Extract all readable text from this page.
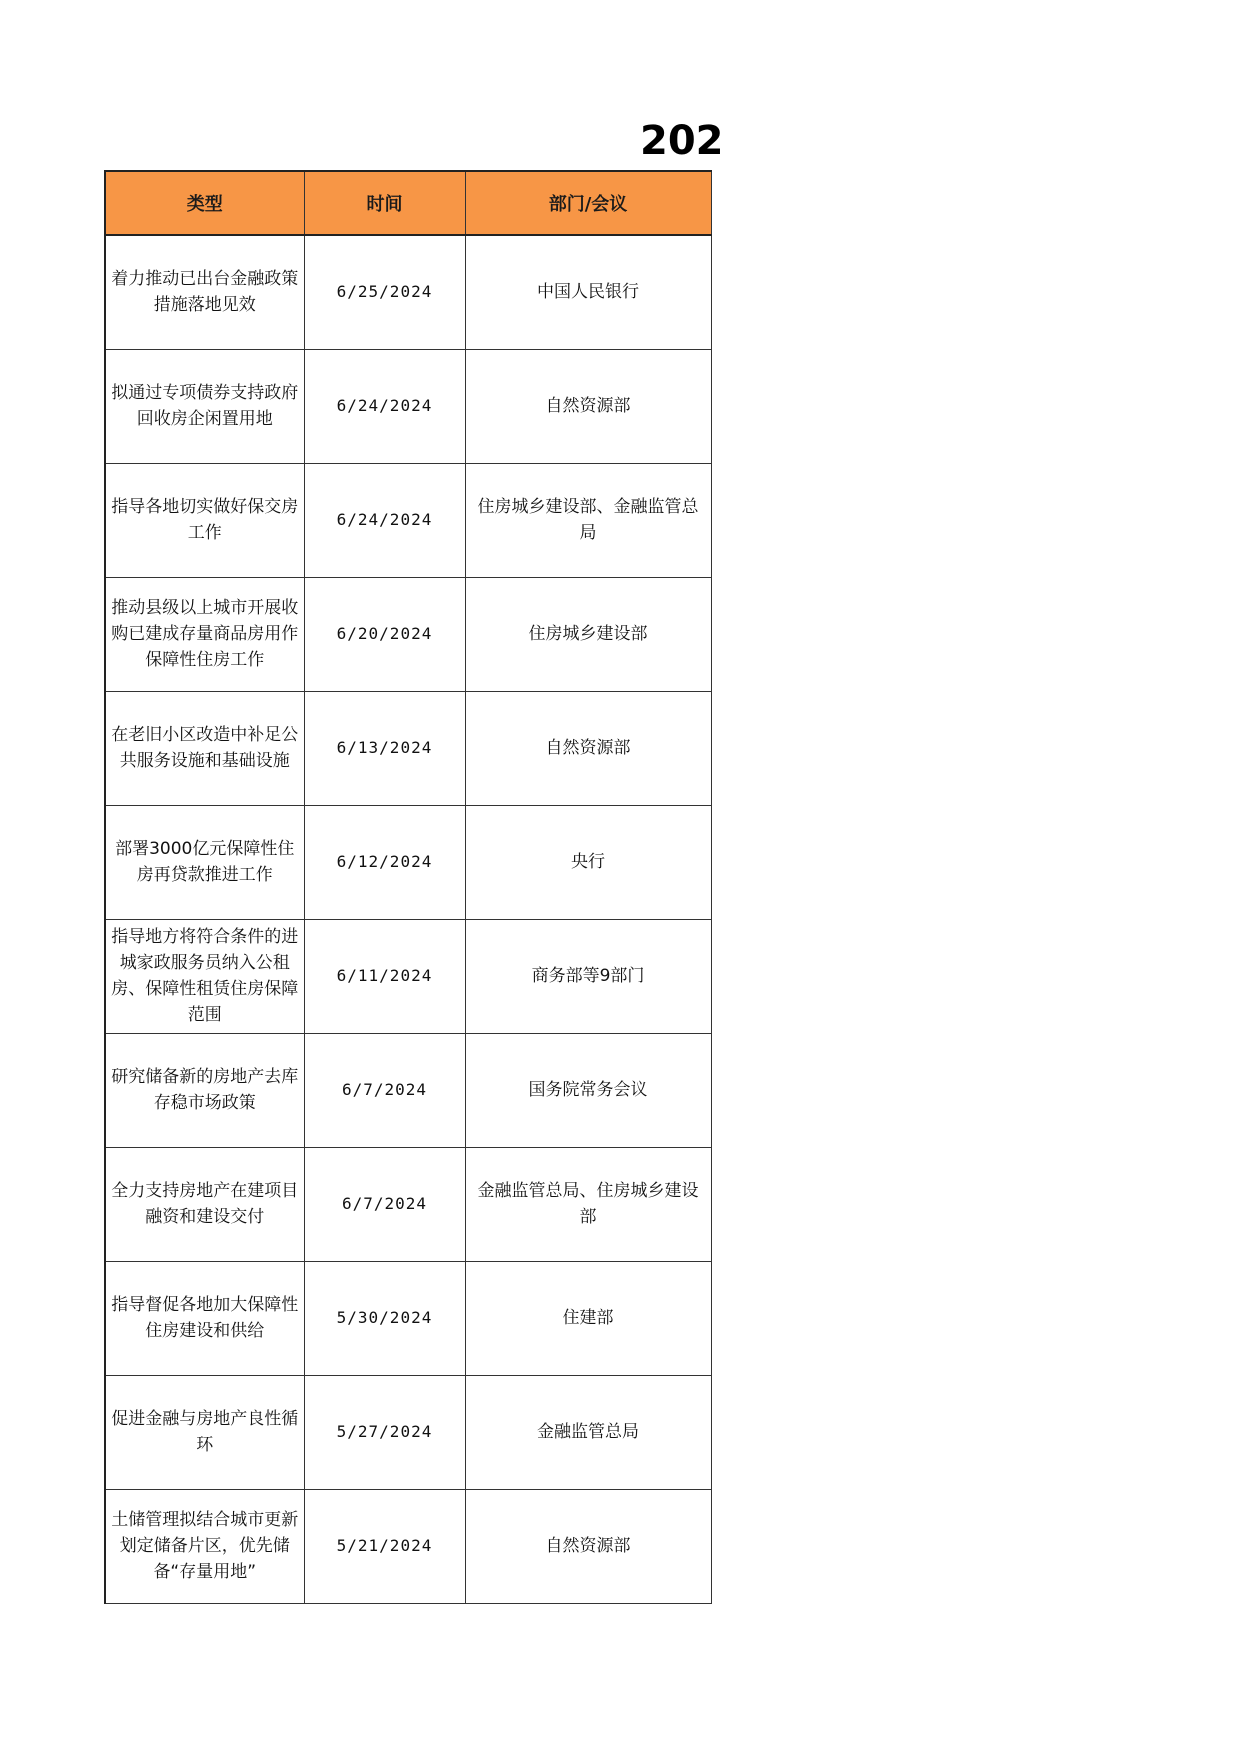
202
类型	时间	部门/会议
着力推动已出台金融政策措施落地见效	6/25/2024	中国人民银行
拟通过专项债券支持政府回收房企闲置用地	6/24/2024	自然资源部
指导各地切实做好保交房工作	6/24/2024	住房城乡建设部、金融监管总局
推动县级以上城市开展收购已建成存量商品房用作保障性住房工作	6/20/2024	住房城乡建设部
在老旧小区改造中补足公共服务设施和基础设施	6/13/2024	自然资源部
部署3000亿元保障性住房再贷款推进工作	6/12/2024	央行
指导地方将符合条件的进城家政服务员纳入公租房、保障性租赁住房保障范围	6/11/2024	商务部等9部门
研究储备新的房地产去库存稳市场政策	6/7/2024	国务院常务会议
全力支持房地产在建项目融资和建设交付	6/7/2024	金融监管总局、住房城乡建设部
指导督促各地加大保障性住房建设和供给	5/30/2024	住建部
促进金融与房地产良性循环	5/27/2024	金融监管总局
土储管理拟结合城市更新划定储备片区，优先储备“存量用地”	5/21/2024	自然资源部
